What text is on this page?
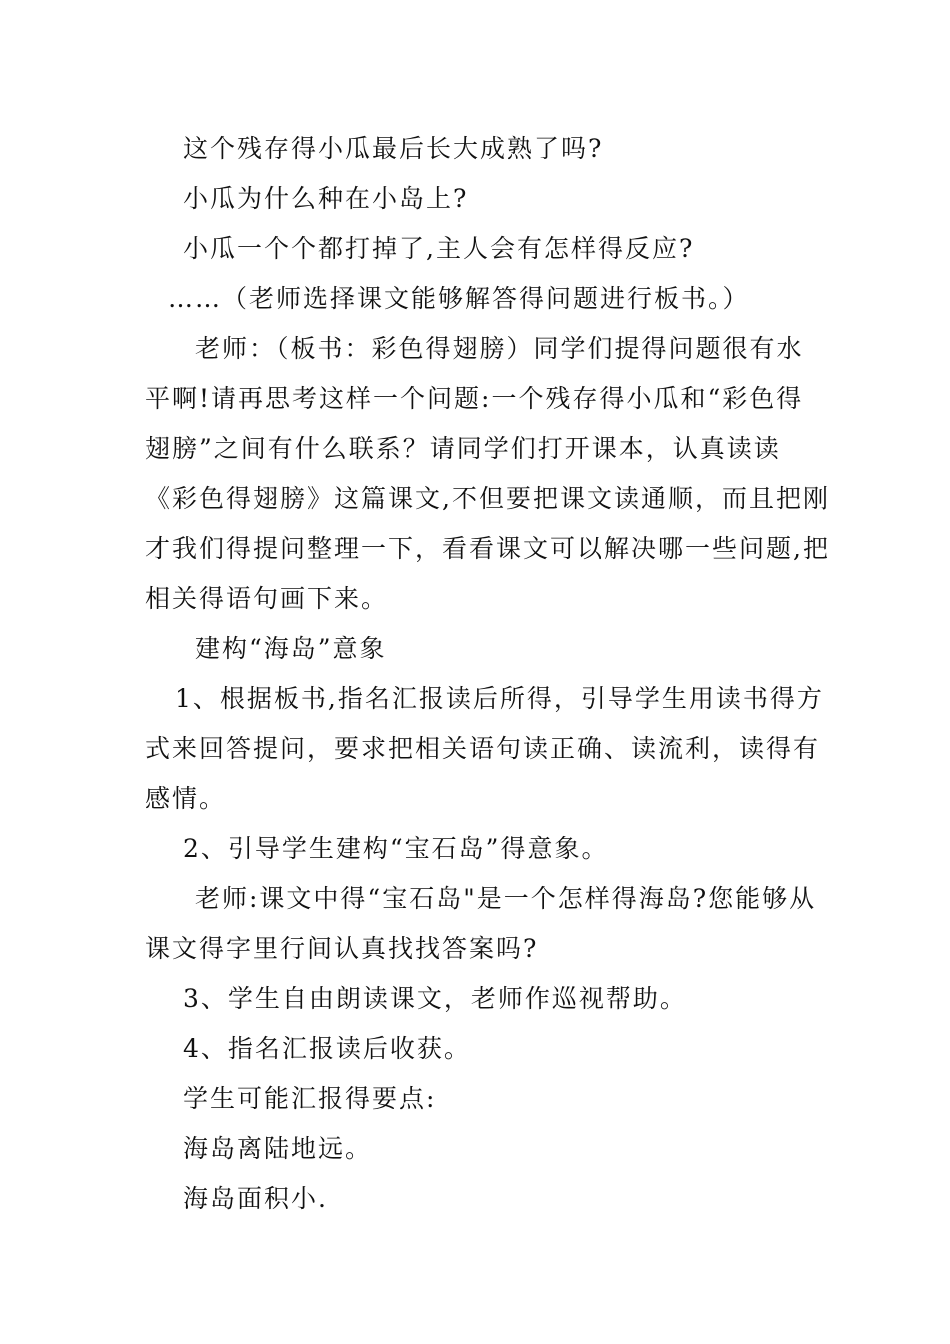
这个残存得小瓜最后长大成熟了吗?
小瓜为什么种在小岛上?
小瓜一个个都打掉了,主人会有怎样得反应?
……（老师选择课文能够解答得问题进行板书。）
老师：（板书：彩色得翅膀）同学们提得问题很有水
平啊!请再思考这样一个问题:一个残存得小瓜和“彩色得
翅膀”之间有什么联系？请同学们打开课本，认真读读
《彩色得翅膀》这篇课文,不但要把课文读通顺，而且把刚
才我们得提问整理一下，看看课文可以解决哪一些问题,把
相关得语句画下来。
建构“海岛”意象
1、根据板书,指名汇报读后所得，引导学生用读书得方
式来回答提问，要求把相关语句读正确、读流利，读得有
感情。
2、引导学生建构“宝石岛”得意象。
老师:课文中得“宝石岛"是一个怎样得海岛?您能够从
课文得字里行间认真找找答案吗?
3、学生自由朗读课文，老师作巡视帮助。
4、指名汇报读后收获。
学生可能汇报得要点:
海岛离陆地远。
海岛面积小.
